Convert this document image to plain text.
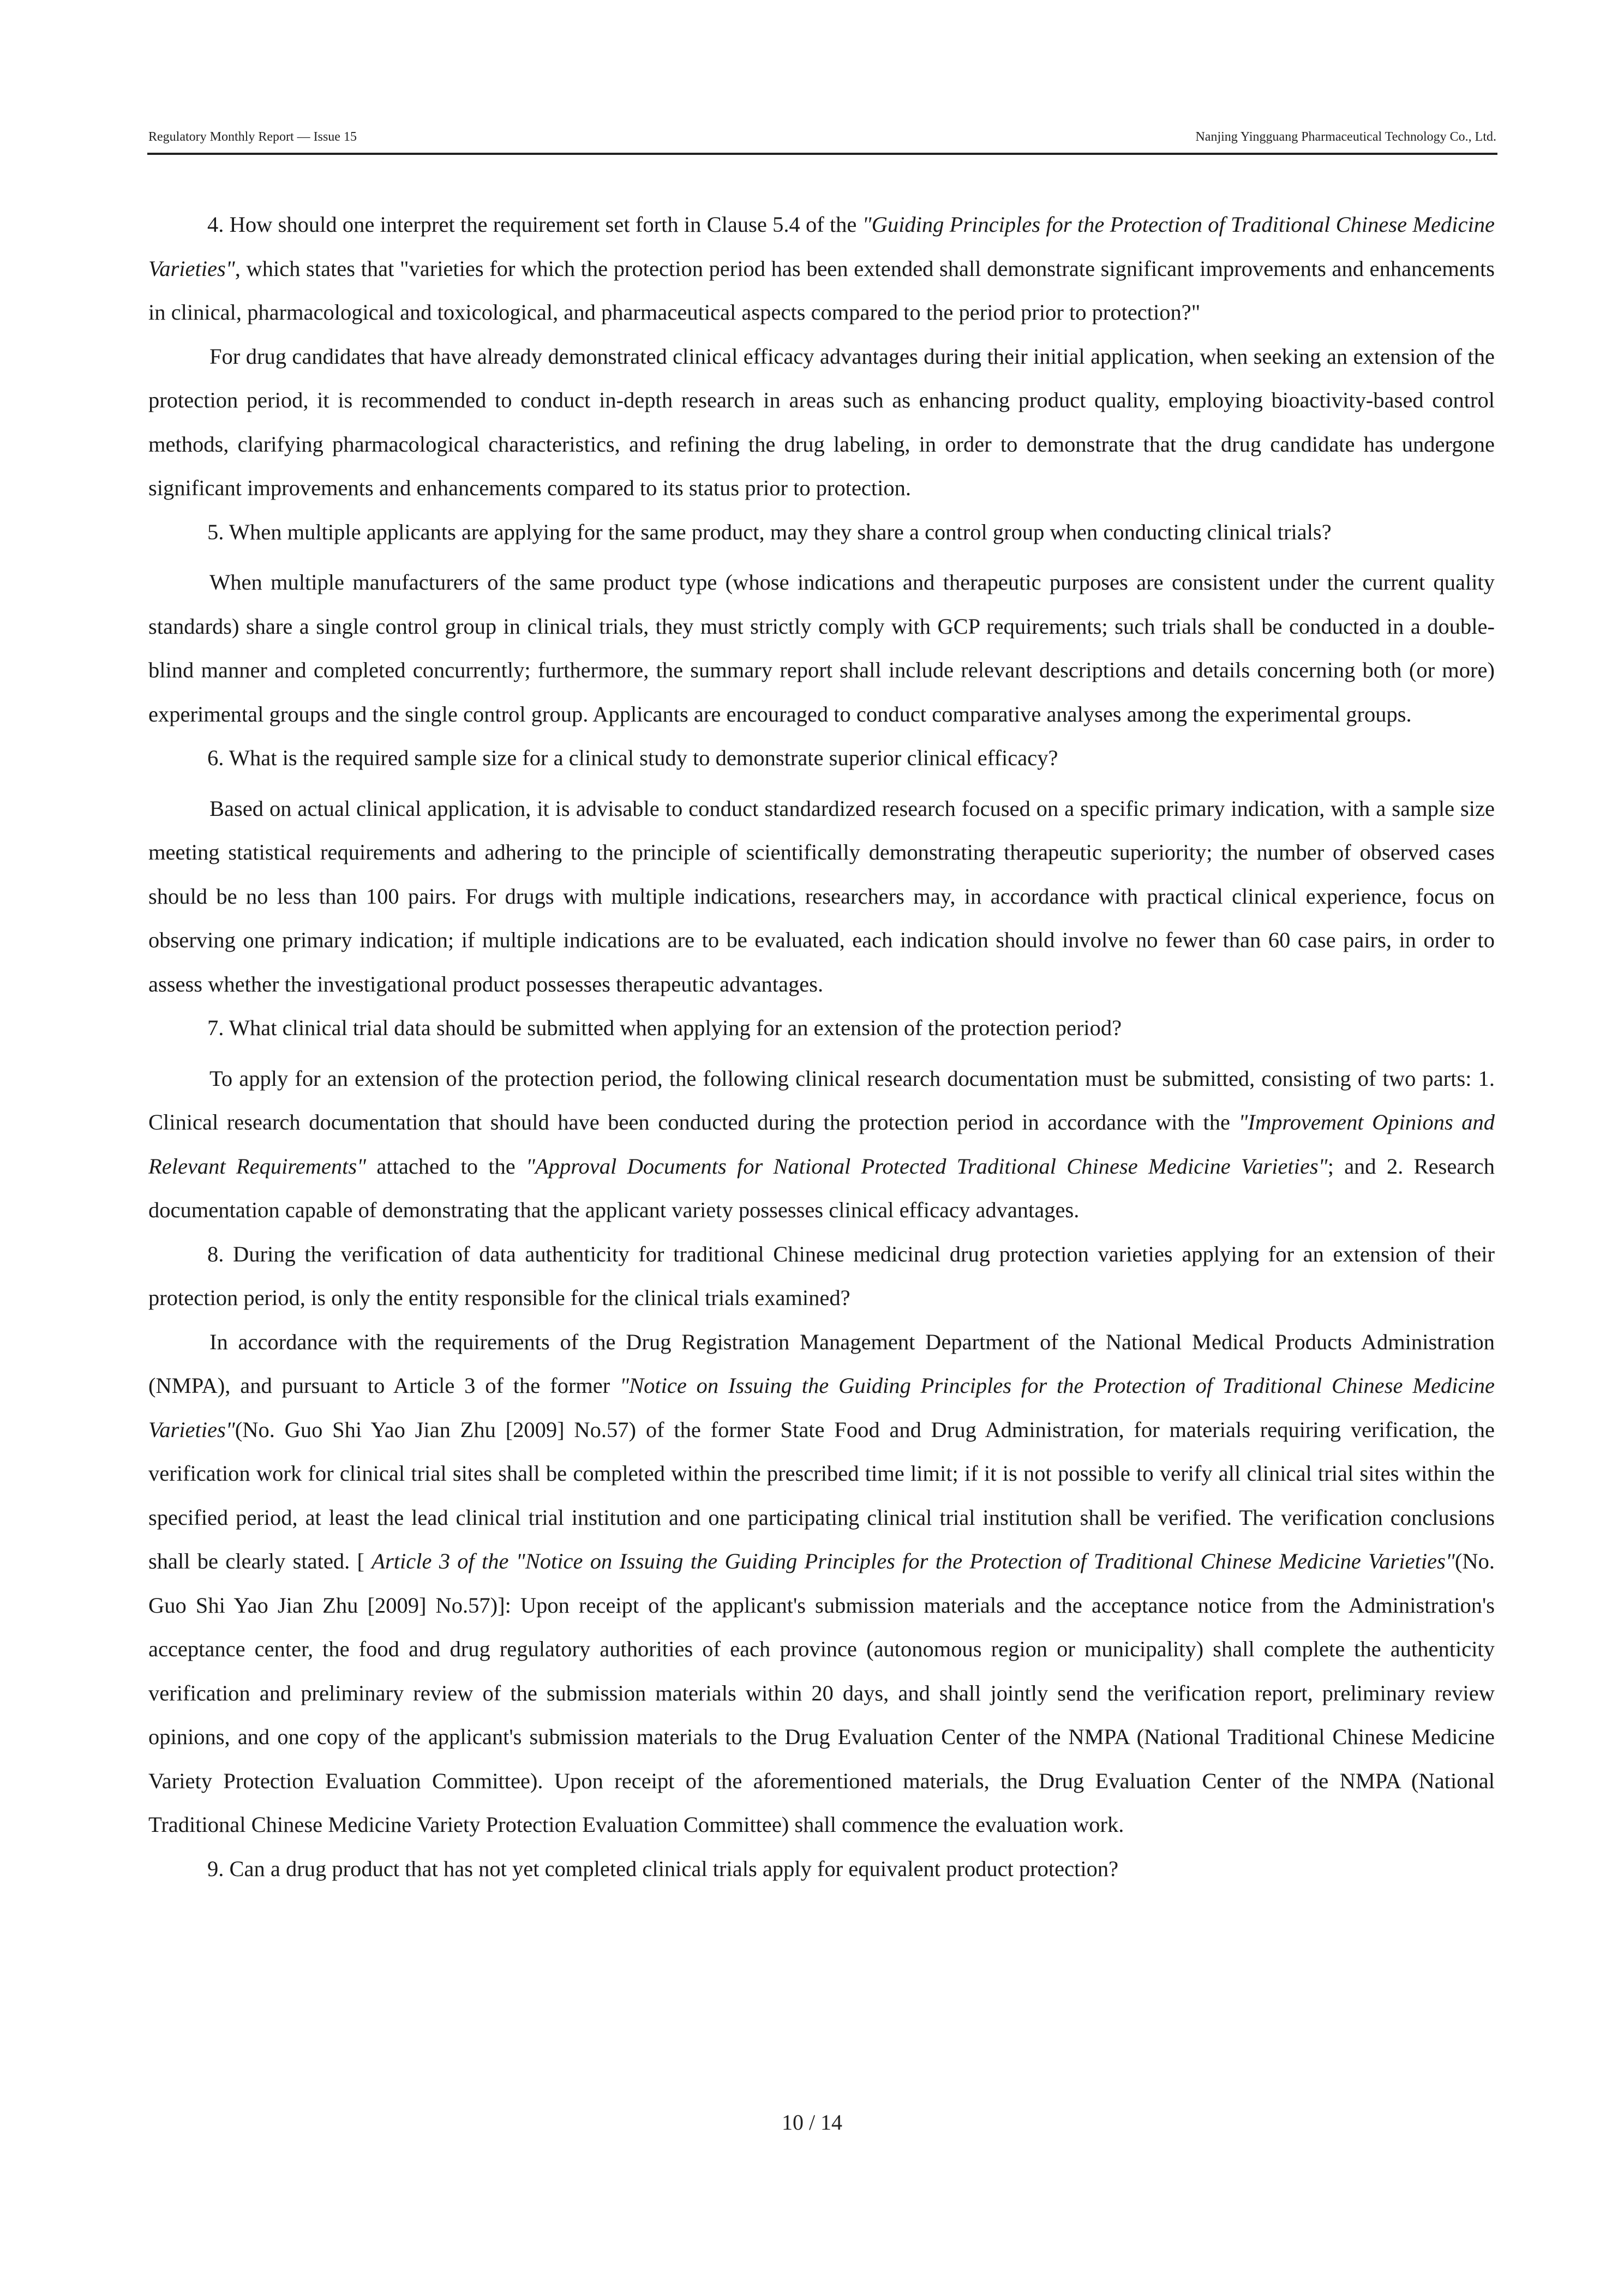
Regulatory Monthly Report — Issue 15	Nanjing Yingguang Pharmaceutical Technology Co., Ltd.

4. How should one interpret the requirement set forth in Clause 5.4 of the "Guiding Principles for the Protection of Traditional Chinese Medicine Varieties", which states that "varieties for which the protection period has been extended shall demonstrate significant improvements and enhancements in clinical, pharmacological and toxicological, and pharmaceutical aspects compared to the period prior to protection?"

For drug candidates that have already demonstrated clinical efficacy advantages during their initial application, when seeking an extension of the protection period, it is recommended to conduct in-depth research in areas such as enhancing product quality, employing bioactivity-based control methods, clarifying pharmacological characteristics, and refining the drug labeling, in order to demonstrate that the drug candidate has undergone significant improvements and enhancements compared to its status prior to protection.

5. When multiple applicants are applying for the same product, may they share a control group when conducting clinical trials?

When multiple manufacturers of the same product type (whose indications and therapeutic purposes are consistent under the current quality standards) share a single control group in clinical trials, they must strictly comply with GCP requirements; such trials shall be conducted in a double-blind manner and completed concurrently; furthermore, the summary report shall include relevant descriptions and details concerning both (or more) experimental groups and the single control group. Applicants are encouraged to conduct comparative analyses among the experimental groups.

6. What is the required sample size for a clinical study to demonstrate superior clinical efficacy?

Based on actual clinical application, it is advisable to conduct standardized research focused on a specific primary indication, with a sample size meeting statistical requirements and adhering to the principle of scientifically demonstrating therapeutic superiority; the number of observed cases should be no less than 100 pairs. For drugs with multiple indications, researchers may, in accordance with practical clinical experience, focus on observing one primary indication; if multiple indications are to be evaluated, each indication should involve no fewer than 60 case pairs, in order to assess whether the investigational product possesses therapeutic advantages.

7. What clinical trial data should be submitted when applying for an extension of the protection period?

To apply for an extension of the protection period, the following clinical research documentation must be submitted, consisting of two parts: 1. Clinical research documentation that should have been conducted during the protection period in accordance with the "Improvement Opinions and Relevant Requirements" attached to the "Approval Documents for National Protected Traditional Chinese Medicine Varieties"; and 2. Research documentation capable of demonstrating that the applicant variety possesses clinical efficacy advantages.

8. During the verification of data authenticity for traditional Chinese medicinal drug protection varieties applying for an extension of their protection period, is only the entity responsible for the clinical trials examined?

In accordance with the requirements of the Drug Registration Management Department of the National Medical Products Administration (NMPA), and pursuant to Article 3 of the former "Notice on Issuing the Guiding Principles for the Protection of Traditional Chinese Medicine Varieties"(No. Guo Shi Yao Jian Zhu [2009] No.57) of the former State Food and Drug Administration, for materials requiring verification, the verification work for clinical trial sites shall be completed within the prescribed time limit; if it is not possible to verify all clinical trial sites within the specified period, at least the lead clinical trial institution and one participating clinical trial institution shall be verified. The verification conclusions shall be clearly stated. [ Article 3 of the "Notice on Issuing the Guiding Principles for the Protection of Traditional Chinese Medicine Varieties"(No. Guo Shi Yao Jian Zhu [2009] No.57)]: Upon receipt of the applicant's submission materials and the acceptance notice from the Administration's acceptance center, the food and drug regulatory authorities of each province (autonomous region or municipality) shall complete the authenticity verification and preliminary review of the submission materials within 20 days, and shall jointly send the verification report, preliminary review opinions, and one copy of the applicant's submission materials to the Drug Evaluation Center of the NMPA (National Traditional Chinese Medicine Variety Protection Evaluation Committee). Upon receipt of the aforementioned materials, the Drug Evaluation Center of the NMPA (National Traditional Chinese Medicine Variety Protection Evaluation Committee) shall commence the evaluation work.

9. Can a drug product that has not yet completed clinical trials apply for equivalent product protection?

10 / 14
